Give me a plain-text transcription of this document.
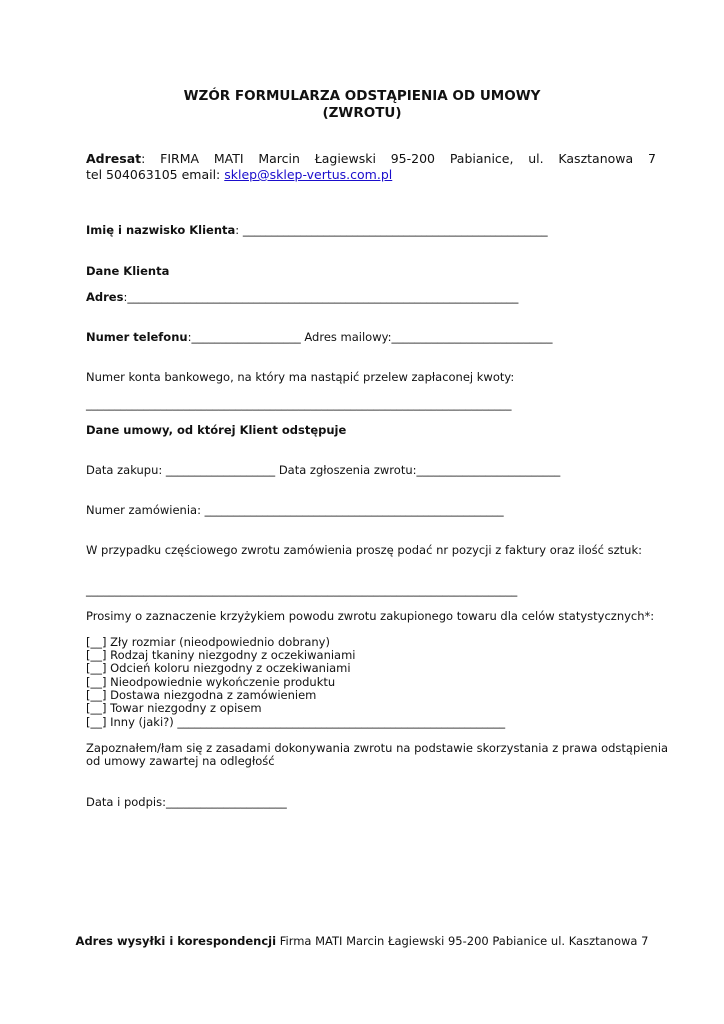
WZÓR FORMULARZA ODSTĄPIENIA OD UMOWY
(ZWROTU)
Adresat: FIRMA MATI Marcin Łagiewski 95-200 Pabianice, ul. Kasztanowa 7
tel 504063105 email: sklep@sklep-vertus.com.pl
Imię i nazwisko Klienta: _____________________________________________________
Dane Klienta
Adres:____________________________________________________________________
Numer telefonu:___________________ Adres mailowy:____________________________
Numer konta bankowego, na który ma nastąpić przelew zapłaconej kwoty:
__________________________________________________________________________
Dane umowy, od której Klient odstępuje
Data zakupu: ___________________ Data zgłoszenia zwrotu:_________________________
Numer zamówienia: ____________________________________________________
W przypadku częściowego zwrotu zamówienia proszę podać nr pozycji z faktury oraz ilość sztuk:
___________________________________________________________________________
Prosimy o zaznaczenie krzyżykiem powodu zwrotu zakupionego towaru dla celów statystycznych*:
[__] Zły rozmiar (nieodpowiednio dobrany)
[__] Rodzaj tkaniny niezgodny z oczekiwaniami
[__] Odcień koloru niezgodny z oczekiwaniami
[__] Nieodpowiednie wykończenie produktu
[__] Dostawa niezgodna z zamówieniem
[__] Towar niezgodny z opisem
[__] Inny (jaki?) _________________________________________________________
Zapoznałem/łam się z zasadami dokonywania zwrotu na podstawie skorzystania z prawa odstąpienia
od umowy zawartej na odległość
Data i podpis:_____________________
Adres wysyłki i korespondencji Firma MATI Marcin Łagiewski 95-200 Pabianice ul. Kasztanowa 7
